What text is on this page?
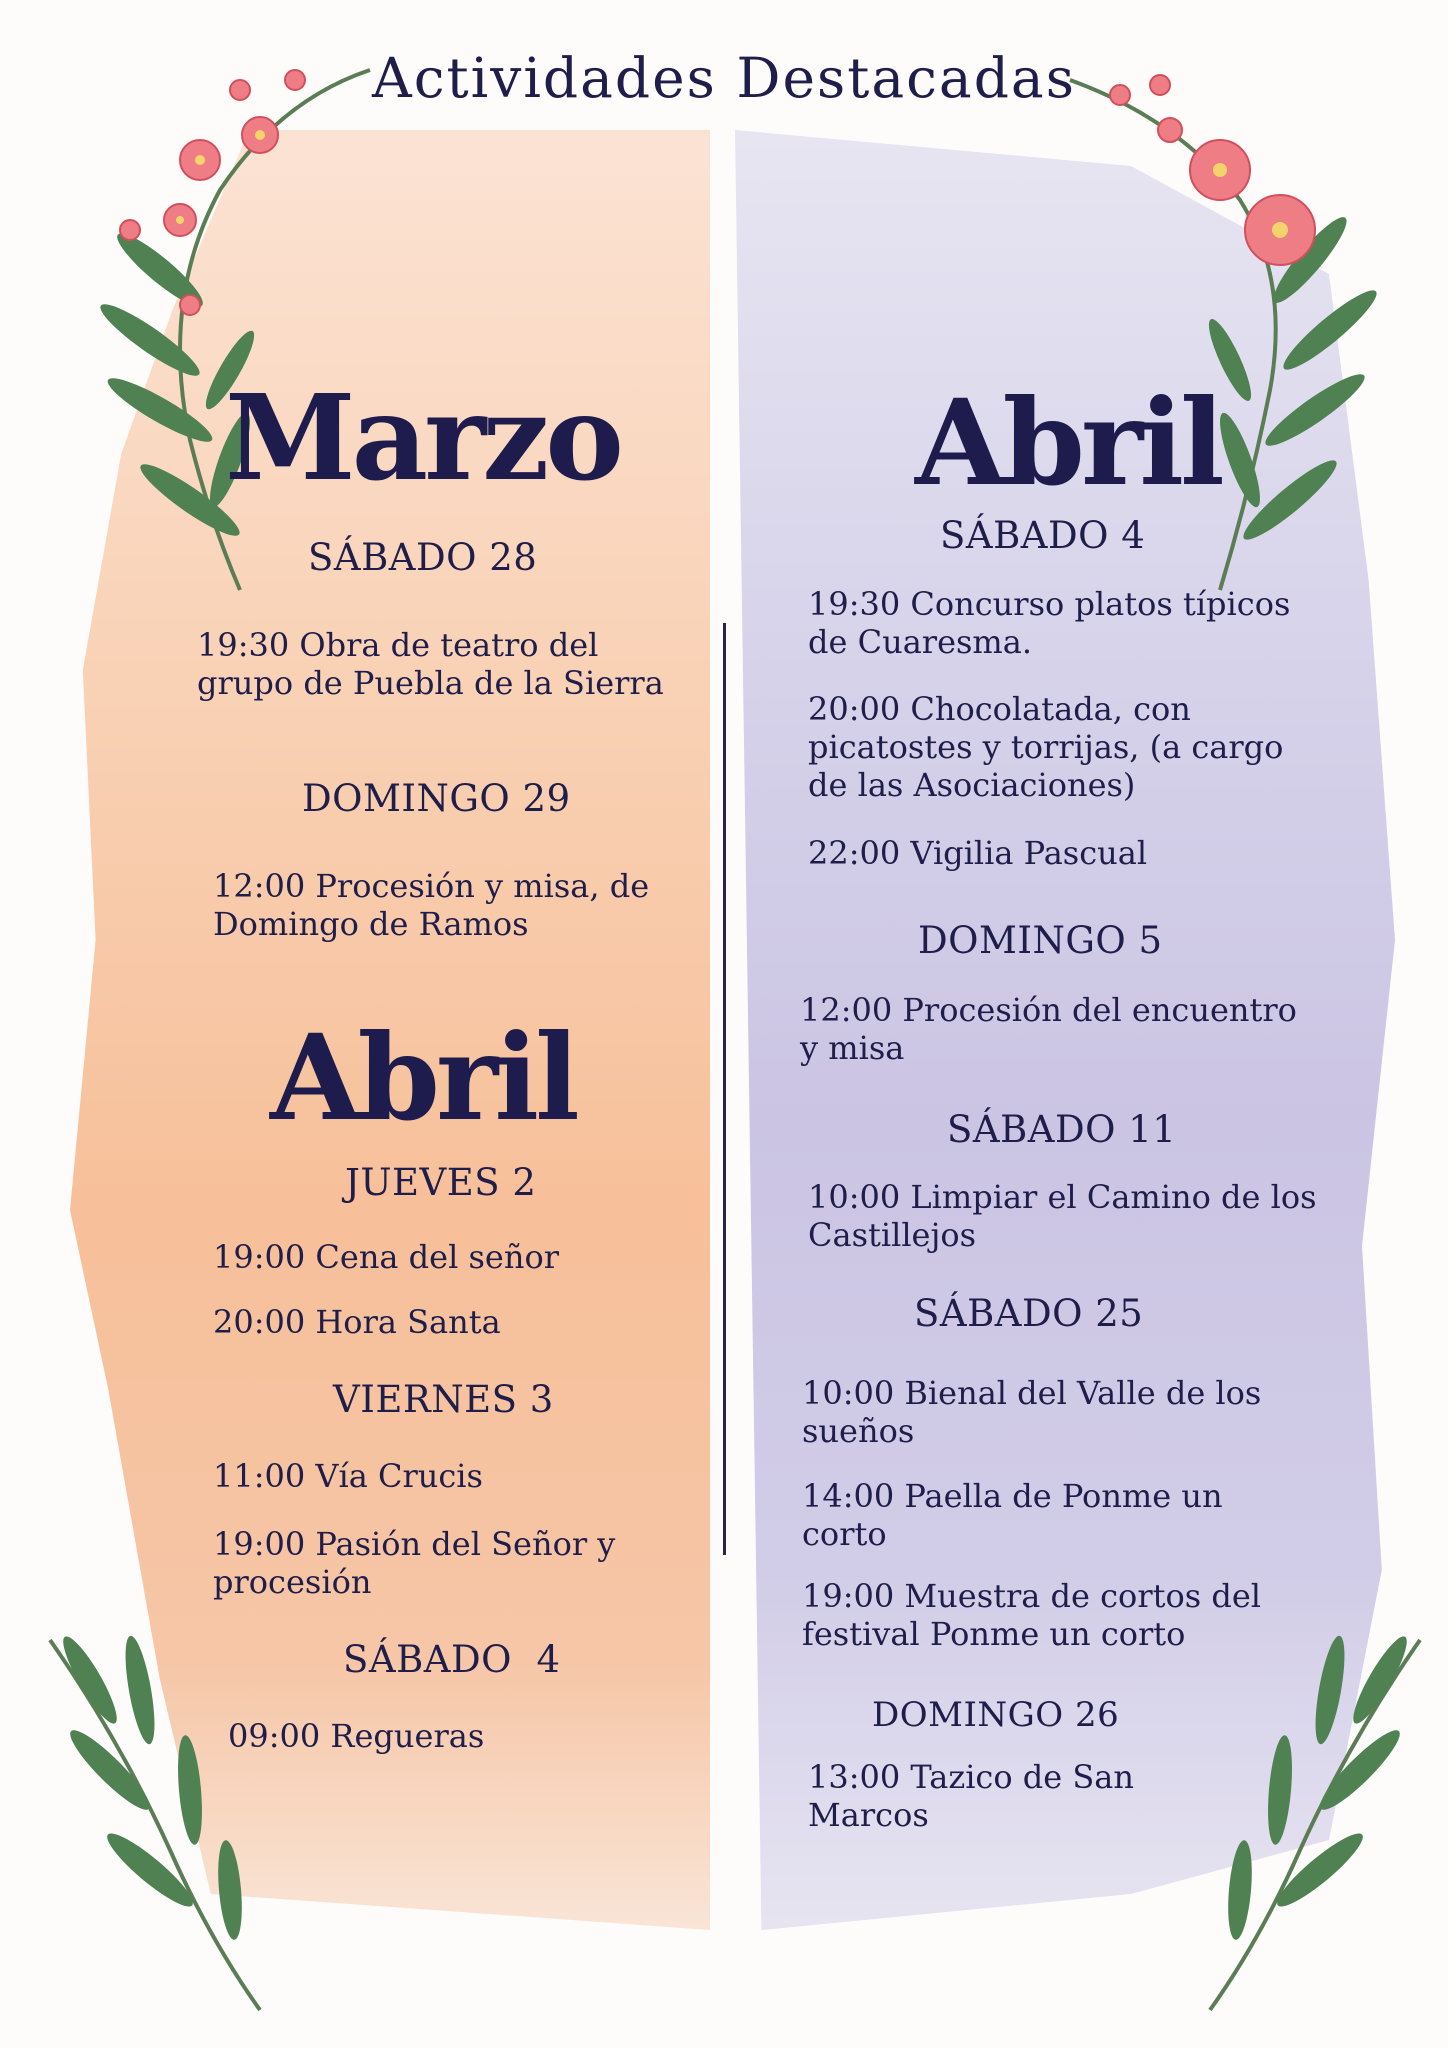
Actividades Destacadas
Marzo
SÁBADO 28
19:30 Obra de teatro del
grupo de Puebla de la Sierra
DOMINGO 29
12:00 Procesión y misa, de
Domingo de Ramos
Abril
JUEVES 2
19:00 Cena del señor
20:00 Hora Santa
VIERNES 3
11:00 Vía Crucis
19:00 Pasión del Señor y
procesión
SÁBADO  4
09:00 Regueras
Abril
SÁBADO 4
19:30 Concurso platos típicos
de Cuaresma.
20:00 Chocolatada, con
picatostes y torrijas, (a cargo
de las Asociaciones)
22:00 Vigilia Pascual
DOMINGO 5
12:00 Procesión del encuentro
y misa
SÁBADO 11
10:00 Limpiar el Camino de los
Castillejos
SÁBADO 25
10:00 Bienal del Valle de los
sueños
14:00 Paella de Ponme un
corto
19:00 Muestra de cortos del
festival Ponme un corto
DOMINGO 26
13:00 Tazico de San
Marcos
